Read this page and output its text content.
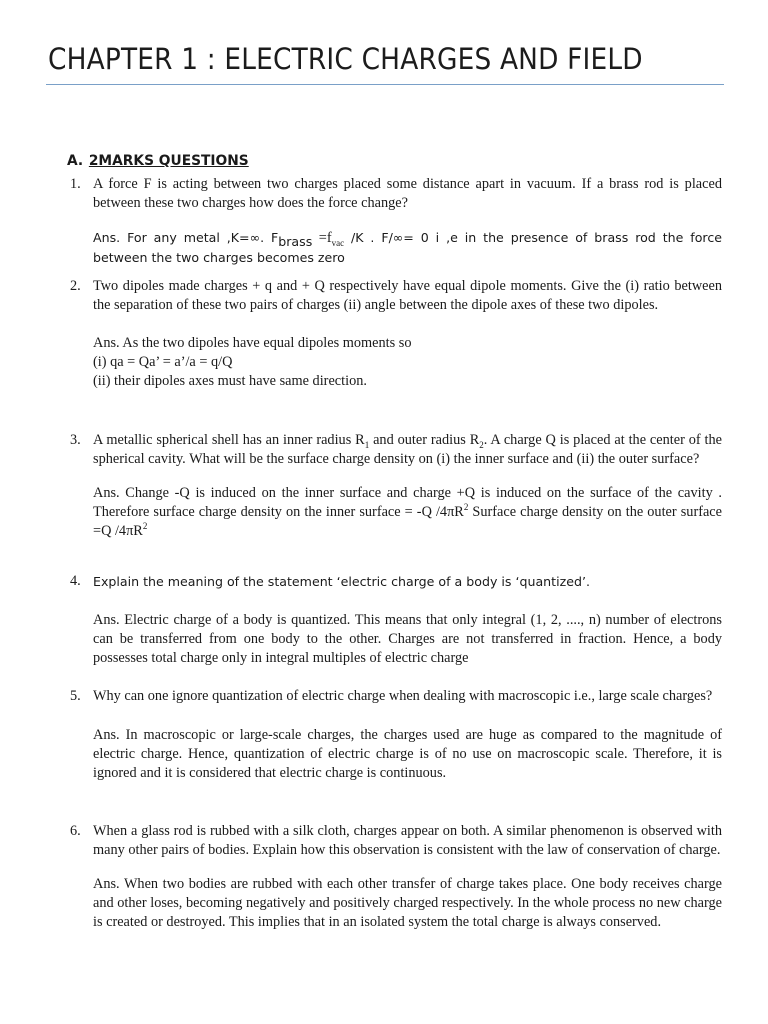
CHAPTER 1 : ELECTRIC CHARGES AND FIELD
A. 2MARKS QUESTIONS
1. A force F is acting between two charges placed some distance apart in vacuum. If a brass rod is placed between these two charges how does the force change?

Ans. For any metal ,K=∞. $F_{brass} =f_{vac}$ /K . F/∞= 0 i ,e in the presence of brass rod the force between the two charges becomes zero

2. Two dipoles made charges + q and + Q respectively have equal dipole moments. Give the (i) ratio between the separation of these two pairs of charges (ii) angle between the dipole axes of these two dipoles.

Ans. As the two dipoles have equal dipoles moments so
(i) qa = Qa’ = a’/a = q/Q
(ii) their dipoles axes must have same direction.

3. A metallic spherical shell has an inner radius $R_1$ and outer radius $R_2$. A charge Q is placed at the center of the spherical cavity. What will be the surface charge density on (i) the inner surface and (ii) the outer surface?

Ans. Change -Q is induced on the inner surface and charge +Q is induced on the surface of the cavity . Therefore surface charge density on the inner surface = -Q $/4\pi R^2$ Surface charge density on the outer surface =Q $/4\pi R^2$

4. Explain the meaning of the statement ‘electric charge of a body is ‘quantized’.

Ans. Electric charge of a body is quantized. This means that only integral (1, 2, ...., n) number of electrons can be transferred from one body to the other. Charges are not transferred in fraction. Hence, a body possesses total charge only in integral multiples of electric charge

5. Why can one ignore quantization of electric charge when dealing with macroscopic i.e., large scale charges?

Ans. In macroscopic or large-scale charges, the charges used are huge as compared to the magnitude of electric charge. Hence, quantization of electric charge is of no use on macroscopic scale. Therefore, it is ignored and it is considered that electric charge is continuous.

6. When a glass rod is rubbed with a silk cloth, charges appear on both. A similar phenomenon is observed with many other pairs of bodies. Explain how this observation is consistent with the law of conservation of charge.

Ans. When two bodies are rubbed with each other transfer of charge takes place. One body receives charge and other loses, becoming negatively and positively charged respectively. In the whole process no new charge is created or destroyed. This implies that in an isolated system the total charge is always conserved.
